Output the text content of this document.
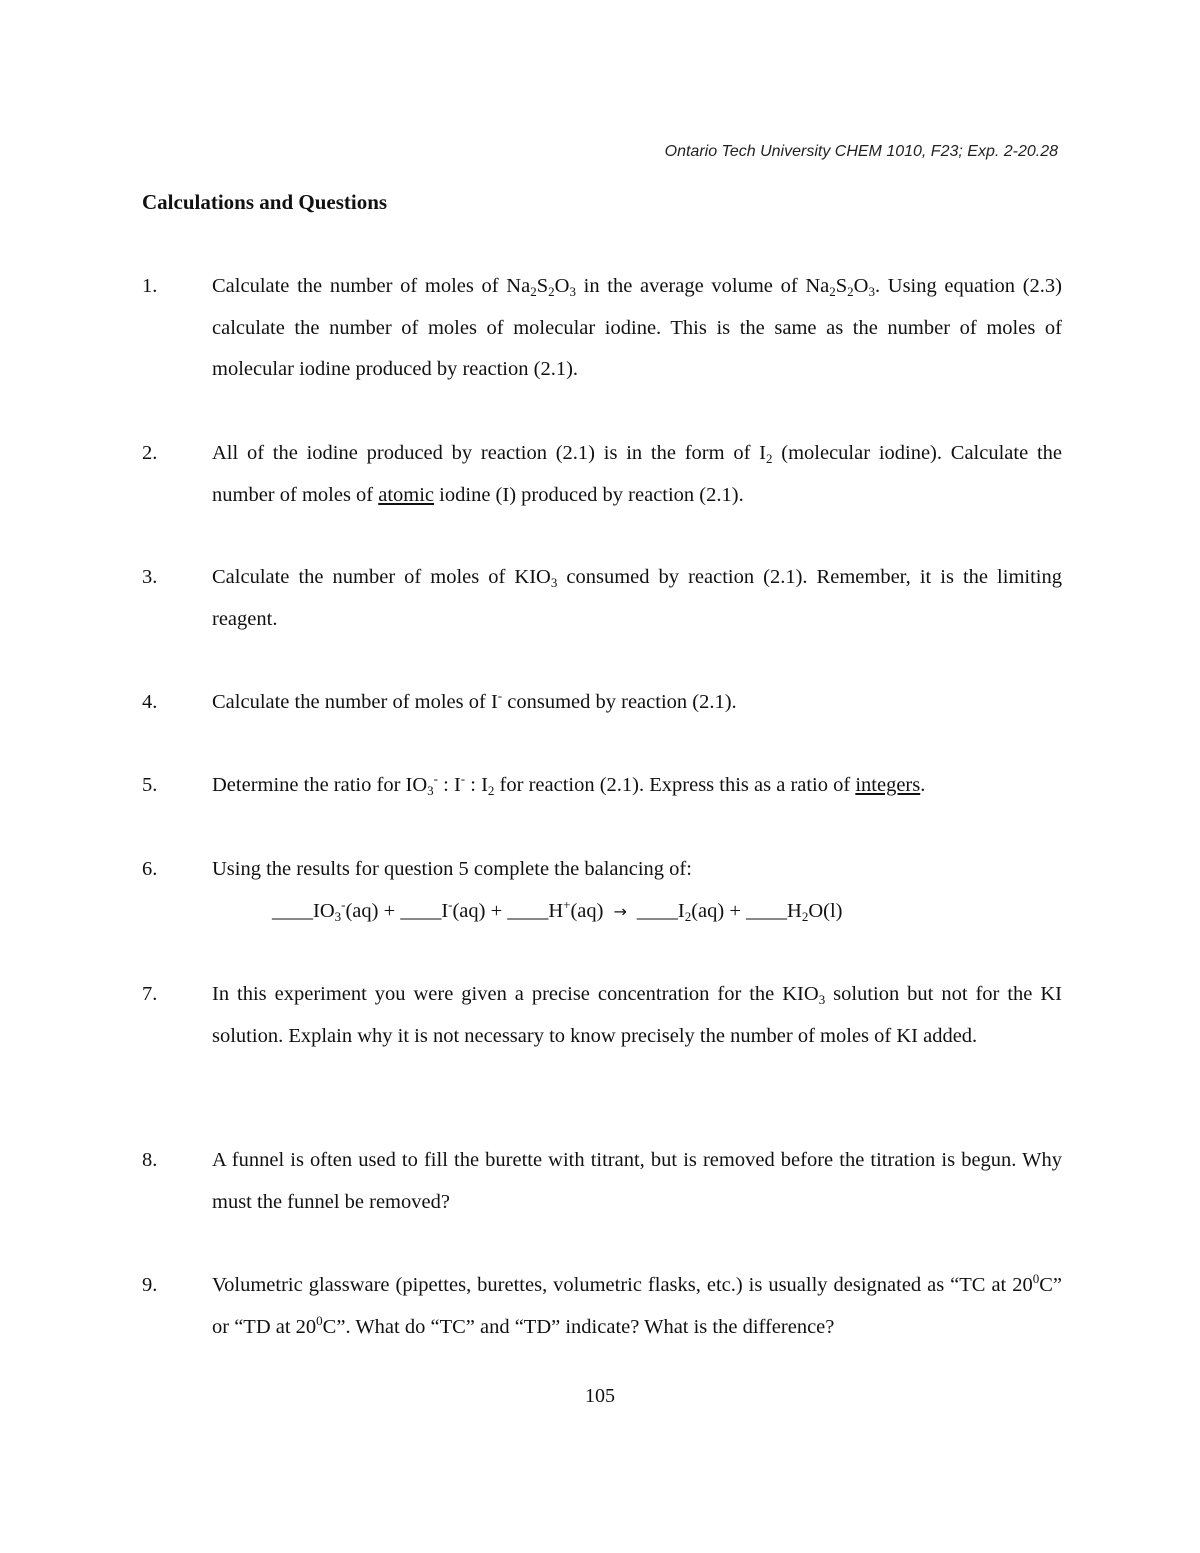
Ontario Tech University CHEM 1010, F23; Exp. 2-20.28
Calculations and Questions
1.	Calculate the number of moles of $Na_2S_2O_3$ in the average volume of $Na_2S_2O_3$. Using equation (2.3) calculate the number of moles of molecular iodine. This is the same as the number of moles of molecular iodine produced by reaction (2.1).
2.	All of the iodine produced by reaction (2.1) is in the form of $I_2$ (molecular iodine). Calculate the number of moles of atomic iodine (I) produced by reaction (2.1).
3.	Calculate the number of moles of $KIO_3$ consumed by reaction (2.1). Remember, it is the limiting reagent.
4.	Calculate the number of moles of I- consumed by reaction (2.1).
5.	Determine the ratio for $IO_3^-$ : I- : $I_2$ for reaction (2.1). Express this as a ratio of integers.
6.	Using the results for question 5 complete the balancing of:
$\_\_\_\_IO_3^-(aq)$ + ____I-(aq) + ____H+(aq) → $\_\_\_\_I_2(aq)$ + $\_\_\_\_H_2O(l)$
7.	In this experiment you were given a precise concentration for the $KIO_3$ solution but not for the KI solution. Explain why it is not necessary to know precisely the number of moles of KI added.
8.	A funnel is often used to fill the burette with titrant, but is removed before the titration is begun. Why must the funnel be removed?
9.	Volumetric glassware (pipettes, burettes, volumetric flasks, etc.) is usually designated as “TC at $20^0C$” or “TD at $20^0C$”. What do “TC” and “TD” indicate? What is the difference?
105
